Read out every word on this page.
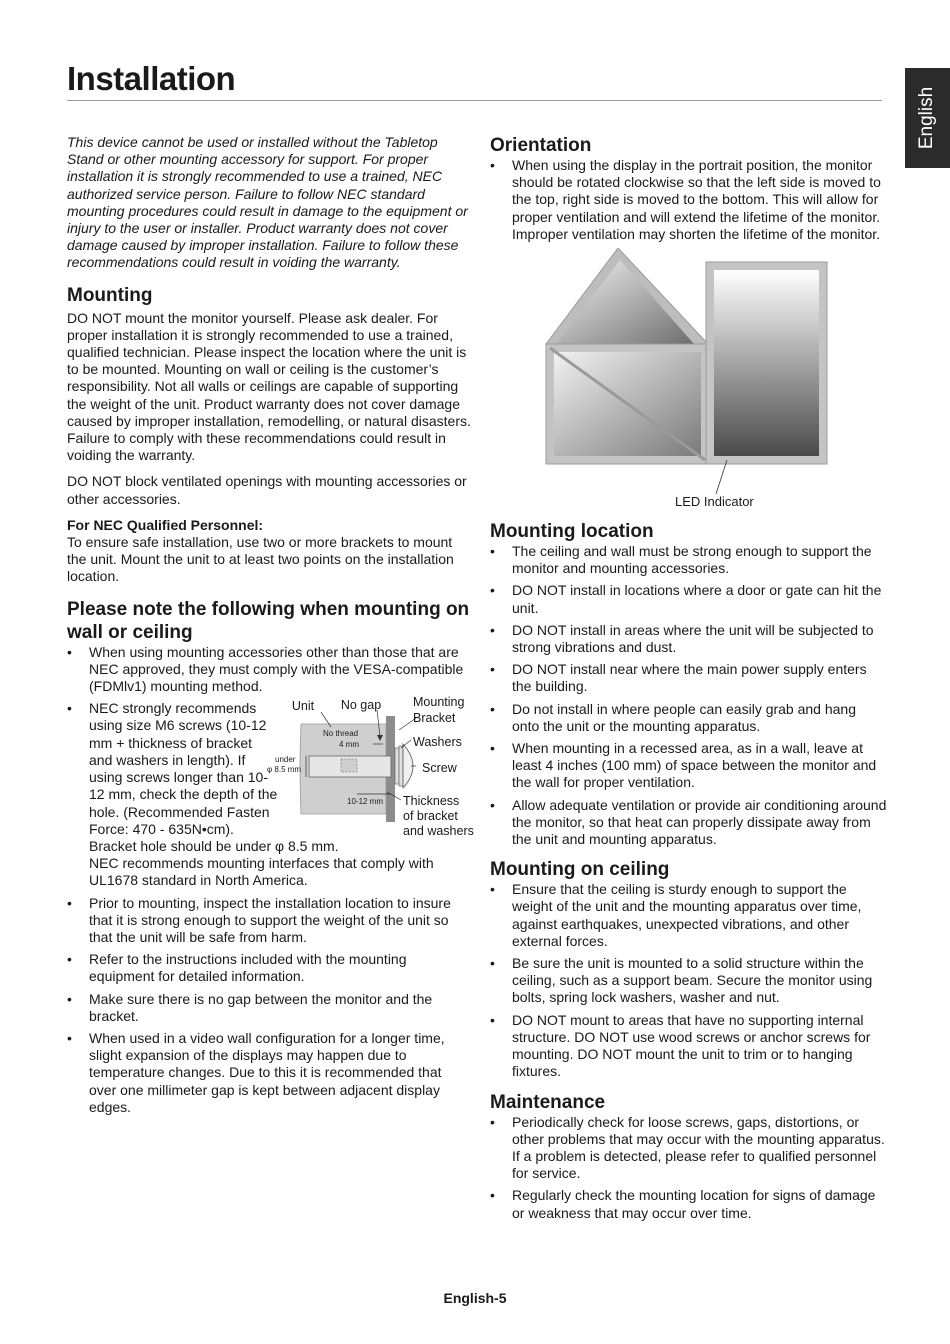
Installation
English

This device cannot be used or installed without the Tabletop Stand or other mounting accessory for support. For proper installation it is strongly recommended to use a trained, NEC authorized service person. Failure to follow NEC standard mounting procedures could result in damage to the equipment or injury to the user or installer. Product warranty does not cover damage caused by improper installation. Failure to follow these recommendations could result in voiding the warranty.

Mounting

DO NOT mount the monitor yourself. Please ask dealer. For proper installation it is strongly recommended to use a trained, qualified technician. Please inspect the location where the unit is to be mounted. Mounting on wall or ceiling is the customer’s responsibility. Not all walls or ceilings are capable of supporting the weight of the unit. Product warranty does not cover damage caused by improper installation, remodelling, or natural disasters. Failure to comply with these recommendations could result in voiding the warranty.

DO NOT block ventilated openings with mounting accessories or other accessories.

For NEC Qualified Personnel:

To ensure safe installation, use two or more brackets to mount the unit. Mount the unit to at least two points on the installation location.

Please note the following when mounting on wall or ceiling
• When using mounting accessories other than those that are NEC approved, they must comply with the VESA-compatible (FDMlv1) mounting method.
• NEC strongly recommends using size M6 screws (10-12 mm + thickness of bracket and washers in length). If using screws longer than 10-12 mm, check the depth of the hole. (Recommended Fasten Force: 470 - 635N•cm).
Unit No gap	Mounting
Bracket
No thread
4 mm	Washers
under
φ 8.5 mm	Screw
10-12 mm Thickness
of bracket
and washers
Bracket hole should be under φ 8.5 mm.
NEC recommends mounting interfaces that comply with UL1678 standard in North America.
• Prior to mounting, inspect the installation location to insure that it is strong enough to support the weight of the unit so that the unit will be safe from harm.
• Refer to the instructions included with the mounting equipment for detailed information.
• Make sure there is no gap between the monitor and the bracket.
• When used in a video wall configuration for a longer time, slight expansion of the displays may happen due to temperature changes. Due to this it is recommended that over one millimeter gap is kept between adjacent display edges.
Orientation
• When using the display in the portrait position, the monitor should be rotated clockwise so that the left side is moved to the top, right side is moved to the bottom. This will allow for proper ventilation and will extend the lifetime of the monitor. Improper ventilation may shorten the lifetime of the monitor.
LED Indicator
Mounting location
• The ceiling and wall must be strong enough to support the monitor and mounting accessories.
• DO NOT install in locations where a door or gate can hit the unit.
• DO NOT install in areas where the unit will be subjected to strong vibrations and dust.
• DO NOT install near where the main power supply enters the building.
• Do not install in where people can easily grab and hang onto the unit or the mounting apparatus.
• When mounting in a recessed area, as in a wall, leave at least 4 inches (100 mm) of space between the monitor and the wall for proper ventilation.
• Allow adequate ventilation or provide air conditioning around the monitor, so that heat can properly dissipate away from the unit and mounting apparatus.
Mounting on ceiling
• Ensure that the ceiling is sturdy enough to support the weight of the unit and the mounting apparatus over time, against earthquakes, unexpected vibrations, and other external forces.
• Be sure the unit is mounted to a solid structure within the ceiling, such as a support beam. Secure the monitor using bolts, spring lock washers, washer and nut.
• DO NOT mount to areas that have no supporting internal structure. DO NOT use wood screws or anchor screws for mounting. DO NOT mount the unit to trim or to hanging fixtures.
Maintenance
• Periodically check for loose screws, gaps, distortions, or other problems that may occur with the mounting apparatus. If a problem is detected, please refer to qualified personnel for service.
• Regularly check the mounting location for signs of damage or weakness that may occur over time.
English-5
